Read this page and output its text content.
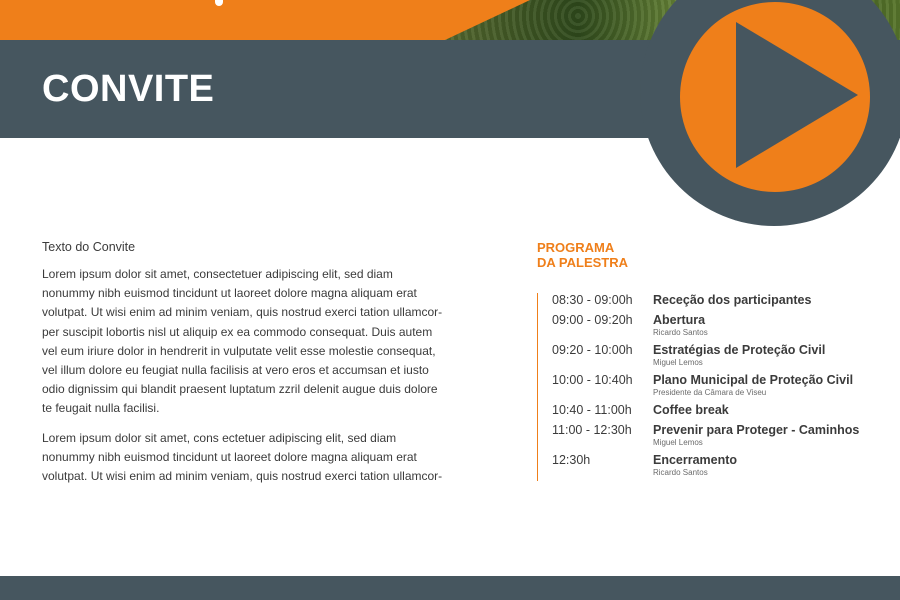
CONVITE

Texto do Convite

Lorem ipsum dolor sit amet, consectetuer adipiscing elit, sed diam
nonummy nibh euismod tincidunt ut laoreet dolore magna aliquam erat
volutpat. Ut wisi enim ad minim veniam, quis nostrud exerci tation ullamcor-
per suscipit lobortis nisl ut aliquip ex ea commodo consequat. Duis autem
vel eum iriure dolor in hendrerit in vulputate velit esse molestie consequat,
vel illum dolore eu feugiat nulla facilisis at vero eros et accumsan et iusto
odio dignissim qui blandit praesent luptatum zzril delenit augue duis dolore
te feugait nulla facilisi.

Lorem ipsum dolor sit amet, cons ectetuer adipiscing elit, sed diam
nonummy nibh euismod tincidunt ut laoreet dolore magna aliquam erat
volutpat. Ut wisi enim ad minim veniam, quis nostrud exerci tation ullamcor-

PROGRAMA
DA PALESTRA
08:30 - 09:00h	Receção dos participantes
09:00 - 09:20h	Abertura
Ricardo Santos
09:20 - 10:00h	Estratégias de Proteção Civil
Miguel Lemos
10:00 - 10:40h	Plano Municipal de Proteção Civil
Presidente da Câmara de Viseu
10:40 - 11:00h	Coffee break
11:00 - 12:30h	Prevenir para Proteger - Caminhos
Miguel Lemos
12:30h	Encerramento
Ricardo Santos
